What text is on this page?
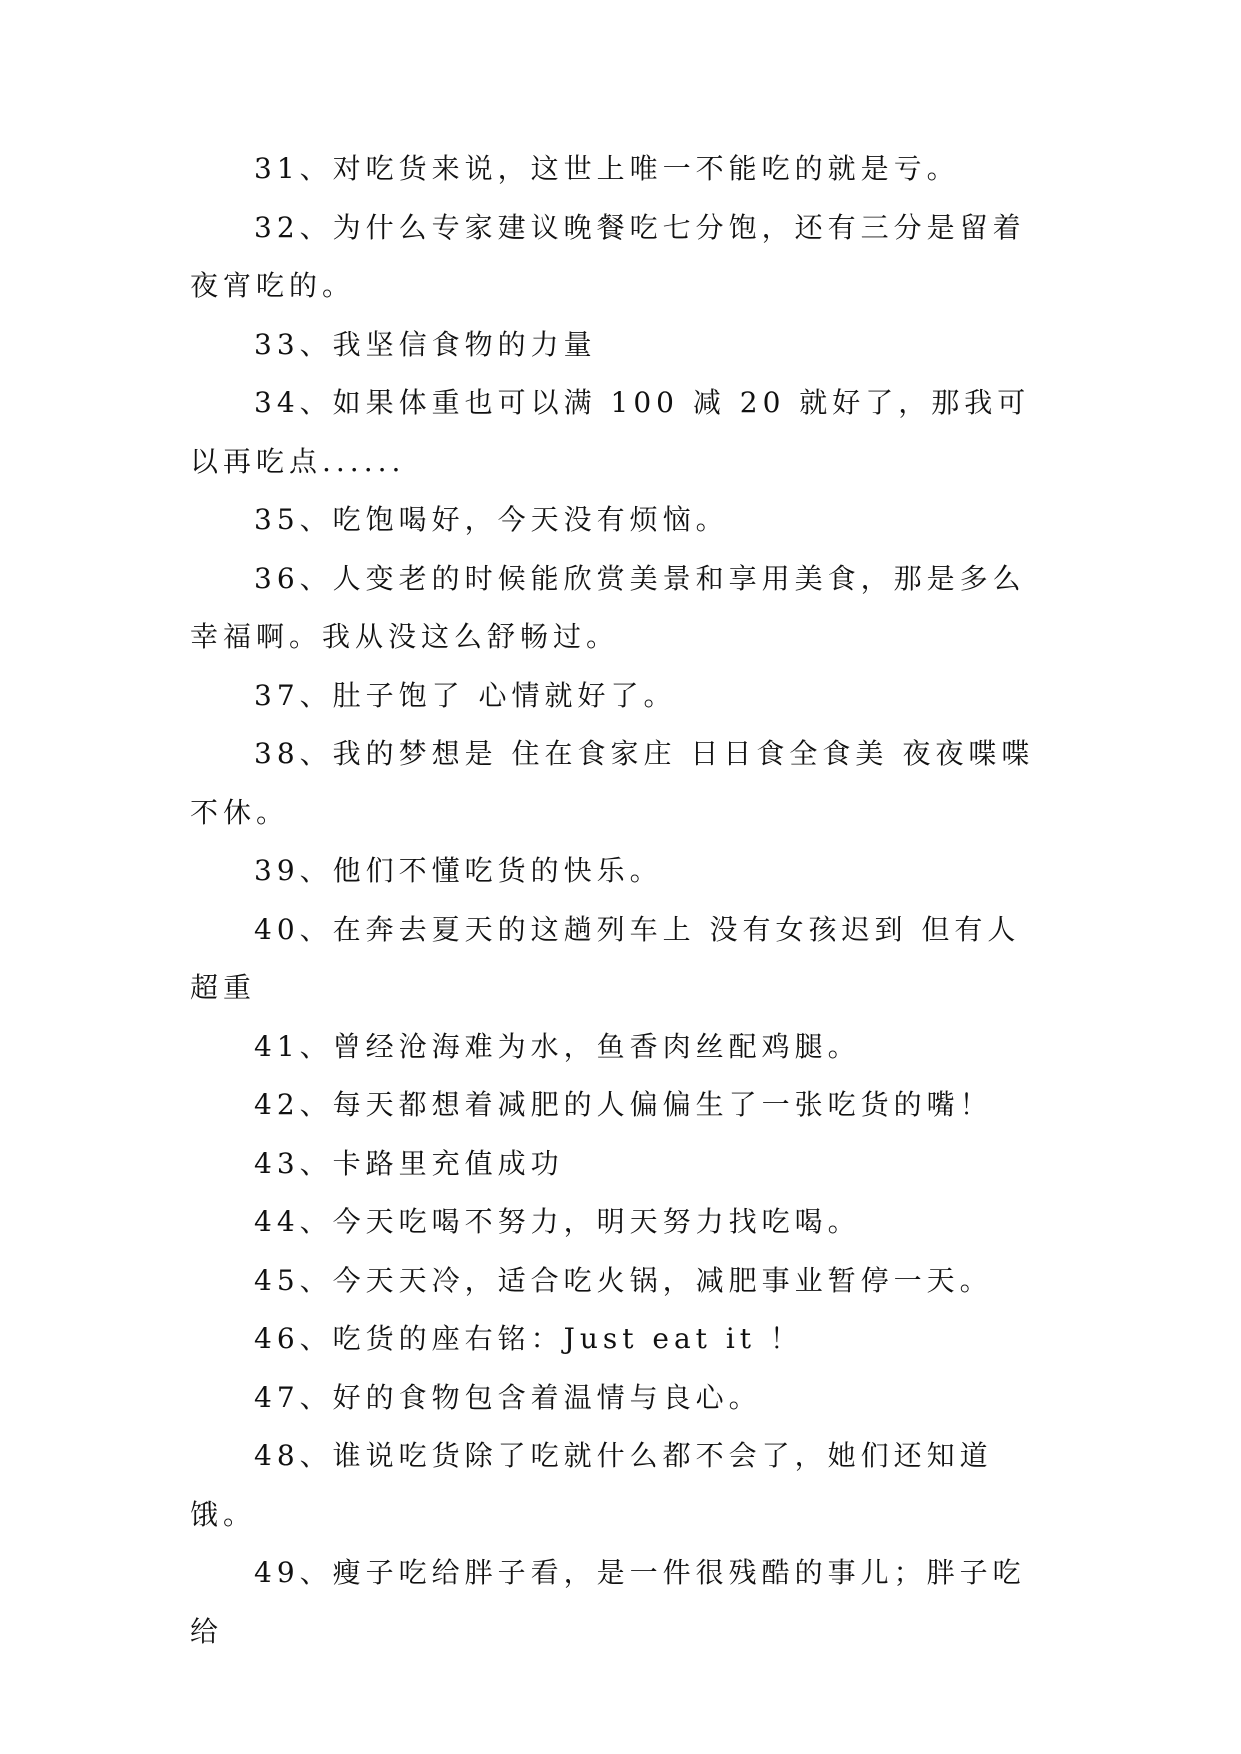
31、对吃货来说，这世上唯一不能吃的就是亏。

32、为什么专家建议晚餐吃七分饱，还有三分是留着夜宵吃的。

33、我坚信食物的力量

34、如果体重也可以满 100 减 20 就好了，那我可以再吃点......

35、吃饱喝好，今天没有烦恼。

36、人变老的时候能欣赏美景和享用美食，那是多么幸福啊。我从没这么舒畅过。

37、肚子饱了 心情就好了。

38、我的梦想是 住在食家庄 日日食全食美 夜夜喋喋不休。

39、他们不懂吃货的快乐。

40、在奔去夏天的这趟列车上 没有女孩迟到 但有人超重

41、曾经沧海难为水，鱼香肉丝配鸡腿。

42、每天都想着减肥的人偏偏生了一张吃货的嘴！

43、卡路里充值成功

44、今天吃喝不努力，明天努力找吃喝。

45、今天天冷，适合吃火锅，减肥事业暂停一天。

46、吃货的座右铭：Just eat it ！

47、好的食物包含着温情与良心。

48、谁说吃货除了吃就什么都不会了，她们还知道饿。

49、瘦子吃给胖子看，是一件很残酷的事儿；胖子吃给
